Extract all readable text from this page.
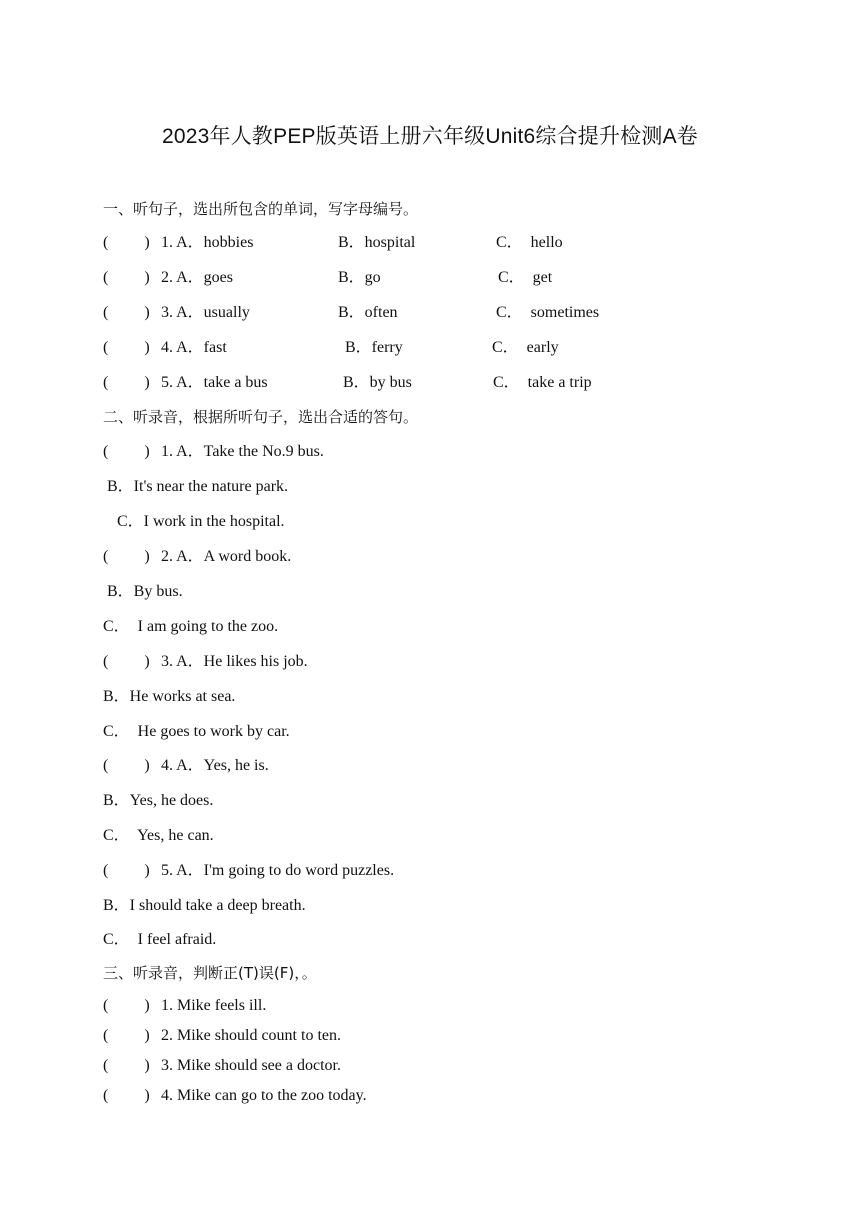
2023年人教PEP版英语上册六年级Unit6综合提升检测A卷
一、听句子，选出所包含的单词，写字母编号。

(         )

1. A．hobbies

	B．hospital

	C．  hello

(         )

2. A．goes

	B．go

	C．  get

(         )

3. A．usually

	B．often

	C．  sometimes

(         )

4. A．fast

	B．ferry

	C．  early

(         )

5. A．take a bus

	B．by bus

	C．  take a trip

二、听录音，根据所听句子，选出合适的答句。

(         )

1. A．Take the No.9 bus.

B．It's near the nature park.
C．I work in the hospital.

(         )

2. A．A word book.

B．By bus.
C．  I am going to the zoo.

(         )

3. A．He likes his job.

B．He works at sea.
C．  He goes to work by car.

(         )

4. A．Yes, he is.

B．Yes, he does.
C．  Yes, he can.

(         )

5. A．I'm going to do word puzzles.

B．I should take a deep breath.
C．  I feel afraid.
三、听录音，判断正(T)误(F)，。

(         )

1. Mike feels ill.

(         )

2. Mike should count to ten.

(         )

3. Mike should see a doctor.

(         )

4. Mike can go to the zoo today.
